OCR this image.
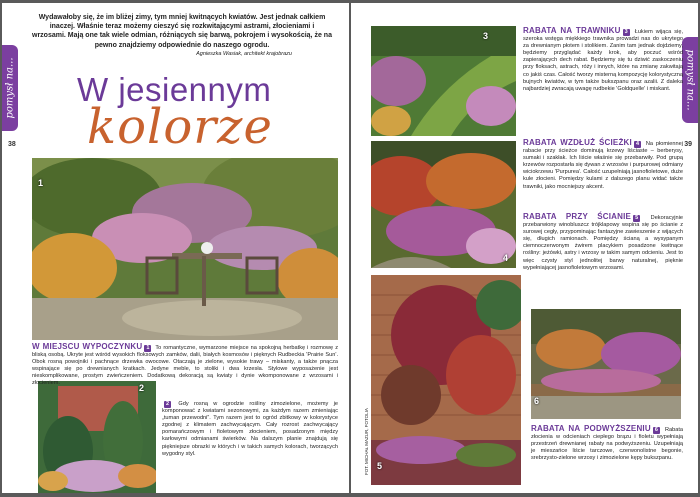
pomysł na...
38
Wydawałoby się, że im bliżej zimy, tym mniej kwitnących kwiatów. Jest jednak całkiem inaczej. Właśnie teraz możemy cieszyć się rozkwitającymi astrami, złocieniami i wrzosami. Mają one tak wiele odmian, różniących się barwą, pokrojem i wysokością, że na pewno znajdziemy odpowiednie do naszego ogrodu.
Agnieszka Wasiak, architekt krajobrazu
W jesiennym
kolorze
1
2
W MIEJSCU WYPOCZYNKU 1 To romantyczne, wymarzone miejsce na spokojną herbatkę i rozmowę z bliską osobą. Ukryte jest wśród wysokich floksowych zamków, dalii, białych kosmosów i pięknych Rudbeckia 'Prairie Sun'. Obok rosną powojniki i pachnące drzewka owocowe. Otaczają je zielone, wysokie trawy – miskanty, a także pnącza wspinające się po drewnianych kratkach. Jedyne meble, to stoliki i dwa krzesła. Stylowe wyposażenie jest nieskomplikowane, prostym zwieńczeniem. Dodatkową dekoracją są kwiaty i dynie wkomponowane z wrzosami i złocieniem.
2 Gdy rosną w ogrodzie rośliny zimozielone, możemy je komponować z kwiatami sezonowymi, za każdym razem zmieniając „tuman przewodni”. Tym razem jest to ogród zbitkowy w kolorystyce zgodnej z klimatem zachwycającym. Cały rozrost zachwycający pomarańczowym i fioletowym złocieniem, posadzonym między karłowymi odmianami świerków. Na dalszym planie znajdują się piękniejsze obrazki w których i w takich samych kolorach, tworzących wygodny styl.
pomysł na...
39
3
4
5
FOT. MICHAŁ MAZUR, FOTOLIA
6
RABATA NA TRAWNIKU 3 Łukiem wijąca się, szeroka wstęga miękkiego trawnika prowadzi nas do ukrytego za drewnianym płotem i stolikiem. Zanim tam jednak dojdziemy, będziemy przyglądać każdy krok, aby poczuć wśród zapierających dech rabat. Będziemy się tu dziwić zaskoczeniu przy floksach, astrach, róży i innych, które na zmianę zakwitają co jakiś czas. Całość tworzy misterną kompozycję kolorystyczną bujnych kwiatów, w tym także bukszpanu oraz azalii. Z daleka najbardziej zwracają uwagę rudbekie 'Goldquelle' i miskant.
RABATA WZDŁUŻ ŚCIEŻKI 4 Na płomiennej rabacie przy ścieżce dominują krzewy liściaste – berberysy, sumaki i szakłak. Ich liście właśnie się przebarwiły. Pod grupą krzewów rozpostarła się dywan z wrzosów i purpurowej odmiany wiciokrzewu 'Purpurea'. Całość uzupełniają jasnofioletowe, duże kule złocieni. Pomiędzy kulami z dalszego planu widać także trawniki, jako mocniejszy akcent.
RABATA PRZY ŚCIANIE 5 Dekoracyjnie przebarwiony winobluszcz trójklapowy wspina się po ścianie z surowej cegły, przypominając fantazyjne zawieszenie z wijących się, długich ramionach. Pomiędzy ścianą a wysypanym ciemnoczerwonym żwirem placykiem posadzone kwitnące rośliny: jeżówki, astry i wrzosy w takim samym odcieniu. Jest to więc czysty styl jednolitej barwy naturalnej, pięknie wypełniającej jasnofioletowym wrzosami.
RABATA NA PODWYŻSZENIU 6 Rabata złocienia w odcieniach ciepłego brązu i fioletu wypełniają przestrzeń drewnianej rabaty na podwyższeniu. Uzupełniają je mieszańce liście tarczowe, czerwonolistne begonie, srebrzysto-zielone wrzosy i zimozielone kępy bukszpanu.
